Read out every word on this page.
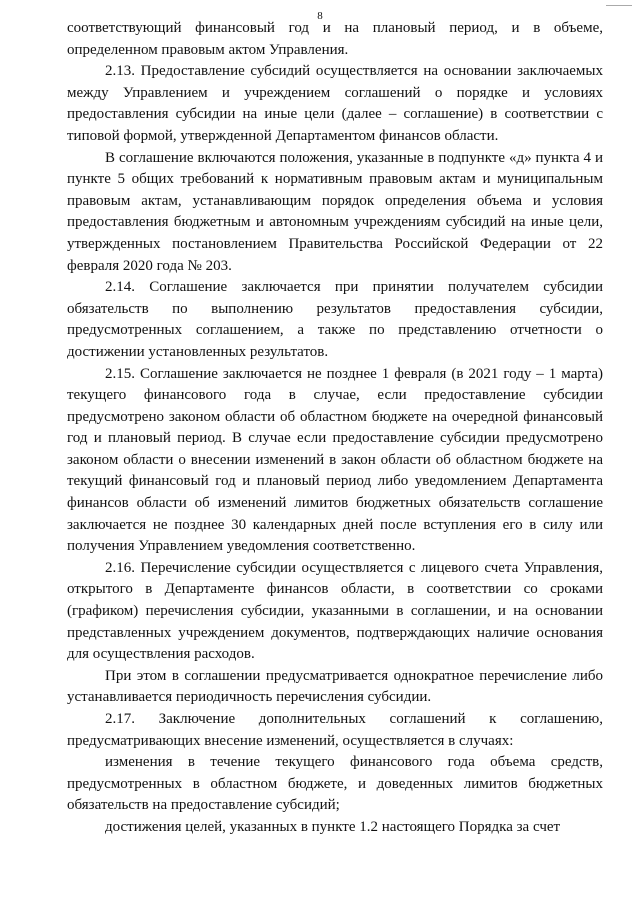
8

соответствующий финансовый год и на плановый период, и в объеме, определенном правовым актом Управления.

2.13. Предоставление субсидий осуществляется на основании заключаемых между Управлением и учреждением соглашений о порядке и условиях предоставления субсидии на иные цели (далее – соглашение) в соответствии с типовой формой, утвержденной Департаментом финансов области.

В соглашение включаются положения, указанные в подпункте «д» пункта 4 и пункте 5 общих требований к нормативным правовым актам и муниципальным правовым актам, устанавливающим порядок определения объема и условия предоставления бюджетным и автономным учреждениям субсидий на иные цели, утвержденных постановлением Правительства Российской Федерации от 22 февраля 2020 года № 203.

2.14. Соглашение заключается при принятии получателем субсидии обязательств по выполнению результатов предоставления субсидии, предусмотренных соглашением, а также по представлению отчетности о достижении установленных результатов.

2.15. Соглашение заключается не позднее 1 февраля (в 2021 году – 1 марта) текущего финансового года в случае, если предоставление субсидии предусмотрено законом области об областном бюджете на очередной финансовый год и плановый период. В случае если предоставление субсидии предусмотрено законом области о внесении изменений в закон области об областном бюджете на текущий финансовый год и плановый период либо уведомлением Департамента финансов области об изменений лимитов бюджетных обязательств соглашение заключается не позднее 30 календарных дней после вступления его в силу или получения Управлением уведомления соответственно.

2.16. Перечисление субсидии осуществляется с лицевого счета Управления, открытого в Департаменте финансов области, в соответствии со сроками (графиком) перечисления субсидии, указанными в соглашении, и на основании представленных учреждением документов, подтверждающих наличие основания для осуществления расходов.

При этом в соглашении предусматривается однократное перечисление либо устанавливается периодичность перечисления субсидии.

2.17. Заключение дополнительных соглашений к соглашению, предусматривающих внесение изменений, осуществляется в случаях:

изменения в течение текущего финансового года объема средств, предусмотренных в областном бюджете, и доведенных лимитов бюджетных обязательств на предоставление субсидий;

достижения целей, указанных в пункте 1.2 настоящего Порядка за счет
